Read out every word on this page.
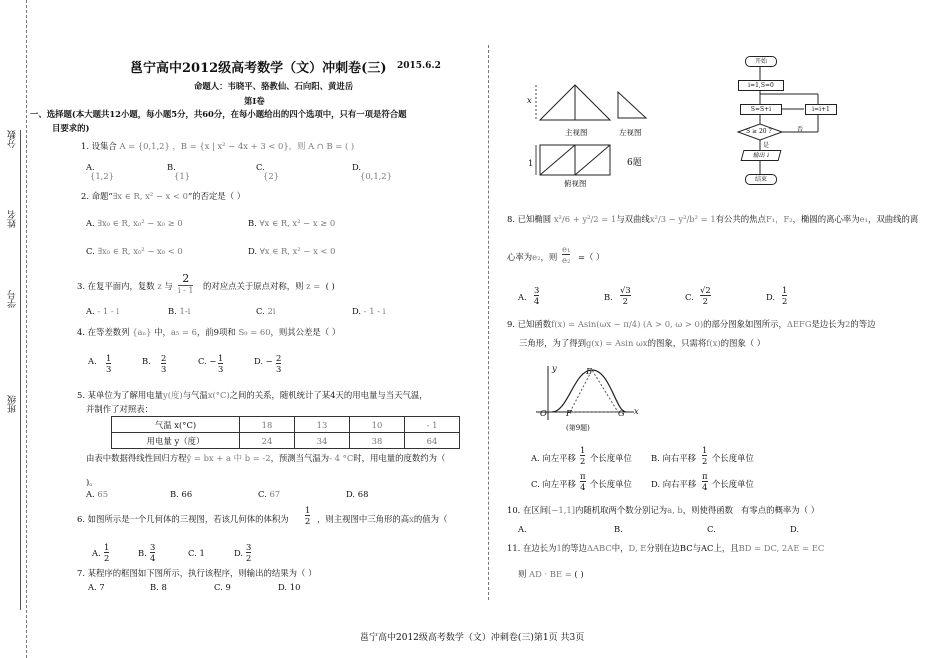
分数
姓名
学号
班级
邕宁高中2012级高考数学（文）冲刺卷(三) 2015.6.2
命题人：韦晓平、骆教仙、石向阳、黄进岳
第Ⅰ卷
一、选择题(本大题共12小题，每小题5分，共60分，在每小题给出的四个选项中，只有一项是符合题
目要求的)
1. 设集合 A = {0,1,2} ，B = {x | x² − 4x + 3 < 0}，则 A ∩ B = ( )
A.
{1,2}
B.
{1}
C.
{2}
D.
{0,1,2}
2. 命题“∃x ∈ R, x² − x < 0”的否定是（ ）
A. ∃x₀ ∈ R, x₀² − x₀ ≥ 0	B. ∀x ∈ R, x² − x ≥ 0
C. ∃x₀ ∈ R, x₀² − x₀ < 0	D. ∀x ∈ R, x² − x < 0
3. 在复平面内，复数 z 与
2
i - 1 的对应点关于原点对称，则 z = ( )
A. - 1 - i	B. 1-i	C. 2i	D. - 1 - i
4. 在等差数列 {aₙ} 中，a₅ = 6，前9项和 S₉ = 60，则其公差是（ ）
A. 1
3
B. 2
3
C. − 1
3
D. − 2
3
5. 某单位为了解用电量y(度)与气温x(°C)之间的关系，随机统计了某4天的用电量与当天气温，
并制作了对照表：
气温 x(°C)	18	13	10	- 1
用电量 y（度）	24	34	38	64
由表中数据得线性回归方程ŷ = bx + a 中 b = -2，预测当气温为- 4 °C时，用电量的度数约为（
)。
A. 65	B. 66	C. 67	D. 68
6. 如图所示是一个几何体的三视图，若该几何体的体积为
1
2 ，则主视图中三角形的高x的值为（
A.
1
2	B.
3
4	C. 1	D.
3
2
7. 某程序的框图如下图所示，执行该程序，则输出的结果为（ ）
A. 7	B. 8	C. 9	D. 10
x
1
主视图	左视图
俯视图
6题
开始
i=1,S=0
S=S+i	i=i+1
S ≥ 20 ?	否
是
输出 i
结束
8. 已知椭圆 x²/6 + y²/2 = 1与双曲线x²/3 − y²/b² = 1有公共的焦点F₁，F₂，椭圆的离心率为e₁，双曲线的离
心率为e₂，则
e₁
e₂ =（ ）
A.
3
4	B.
√3
2	C.
√2
2	D.
1
2
9. 已知函数f(x) = Asin(ωx − π/4) (A > 0, ω > 0)的部分图象如图所示，ΔEFG是边长为2的等边
三角形，为了得到g(x) = Asin ωx的图象，只需将f(x)的图象（ ）
y	E
O F	G x
(第9题)
A. 向左平移
1
2 个长度单位 B. 向右平移
1
2 个长度单位
C. 向左平移
π
4 个长度单位 D. 向右平移
π
4 个长度单位
10. 在区间[−1,1]内随机取两个数分别记为a, b，则使得函数 有零点的概率为（ ）
A.	B.	C.	D.
11. 在边长为1的等边ΔABC中，D, E分别在边BC与AC上，且BD = DC, 2AE = EC
则 AD · BE = ( )
邕宁高中2012级高考数学（文）冲刺卷(三)第1页 共3页
